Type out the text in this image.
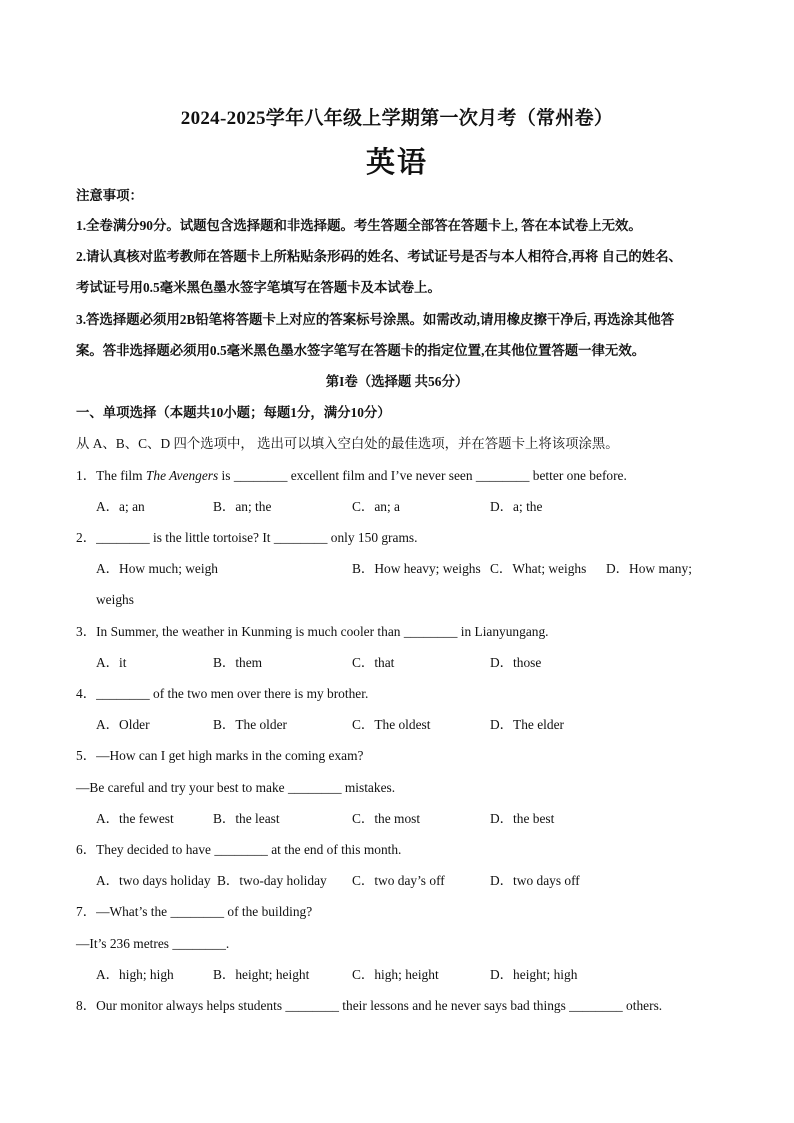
2024-2025学年八年级上学期第一次月考（常州卷）
英语
注意事项：
1.全卷满分90分。试题包含选择题和非选择题。考生答题全部答在答题卡上, 答在本试卷上无效。
2.请认真核对监考教师在答题卡上所粘贴条形码的姓名、考试证号是否与本人相符合,再将 自己的姓名、
考试证号用0.5毫米黑色墨水签字笔填写在答题卡及本试卷上。
3.答选择题必须用2B铅笔将答题卡上对应的答案标号涂黑。如需改动,请用橡皮擦干净后, 再选涂其他答
案。答非选择题必须用0.5毫米黑色墨水签字笔写在答题卡的指定位置,在其他位置答题一律无效。
第I卷（选择题 共56分）
一、单项选择（本题共10小题；每题1分，满分10分）
从 A、B、C、D 四个选项中， 选出可以填入空白处的最佳选项，并在答题卡上将该项涂黑。
1．The film The Avengers is ________ excellent film and I’ve never seen ________ better one before.
A．a; an	B．an; the	C．an; a	D．a; the
2．________ is the little tortoise? It ________ only 150 grams.
A．How much; weigh	B．How heavy; weighs C．What; weighs D．How many;
weighs
3．In Summer, the weather in Kunming is much cooler than ________ in Lianyungang.
A．it	B．them	C．that	D．those
4．________ of the two men over there is my brother.
A．Older	B．The older	C．The oldest	D．The elder
5．—How can I get high marks in the coming exam?
—Be careful and try your best to make ________ mistakes.
A．the fewest	B．the least	C．the most	D．the best
6．They decided to have ________ at the end of this month.
A．two days holiday B．two-day holiday C．two day’s off	D．two days off
7．—What’s the ________ of the building?
—It’s 236 metres ________.
A．high; high	B．height; height	C．high; height	D．height; high
8．Our monitor always helps students ________ their lessons and he never says bad things ________ others.
